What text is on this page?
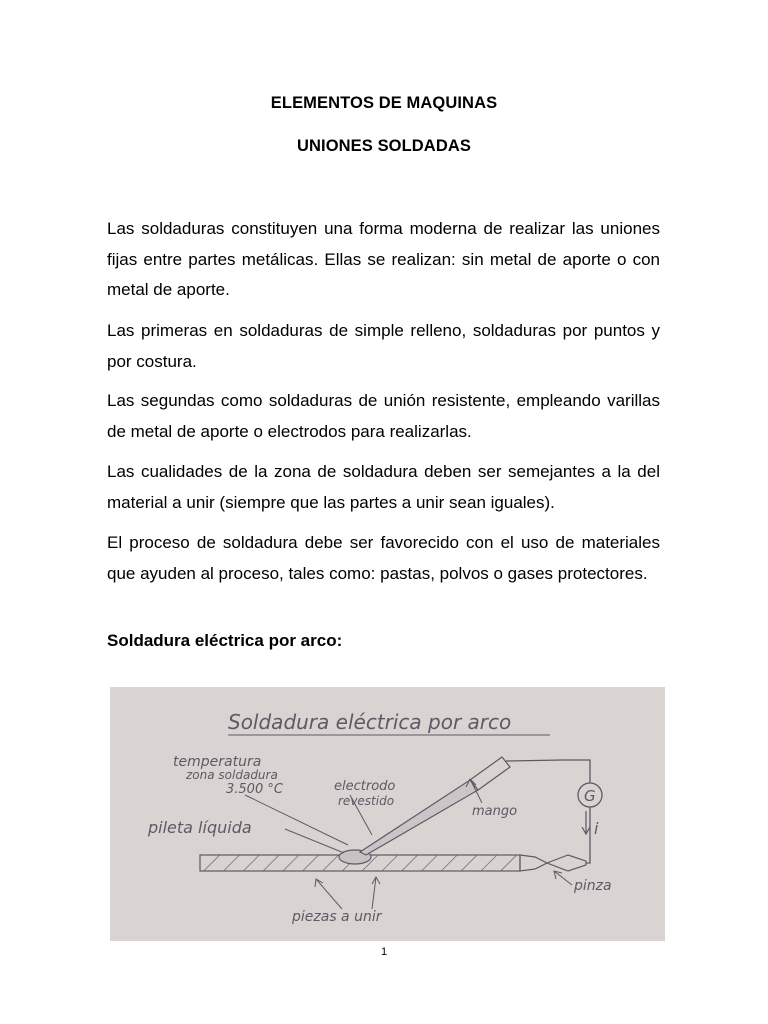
ELEMENTOS DE MAQUINAS
UNIONES SOLDADAS

Las soldaduras constituyen una forma moderna de realizar las uniones fijas entre partes metálicas. Ellas se realizan: sin metal de aporte o con metal de aporte.

Las primeras en soldaduras de simple relleno, soldaduras por puntos y por costura.

Las segundas como soldaduras de unión resistente, empleando varillas de metal de aporte o electrodos para realizarlas.

Las cualidades de la zona de soldadura deben ser semejantes a la del material a unir (siempre que las partes a unir sean iguales).

El proceso de soldadura debe ser favorecido con el uso de materiales que ayuden al proceso, tales como: pastas, polvos o gases protectores.

Soldadura eléctrica por arco:
Soldadura eléctrica por arco
temperatura
zona soldadura
3.500 °C	electrodo
revestido
mango
pileta líquida
piezas a unir
pinza
G
i
1
